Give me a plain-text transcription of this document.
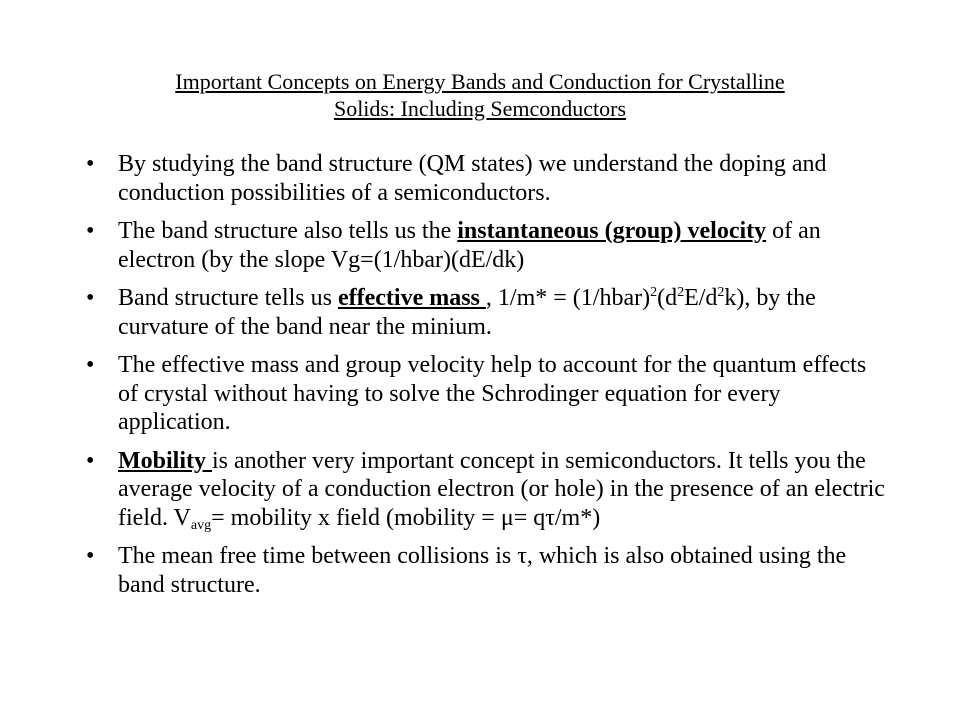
Important Concepts on Energy Bands and Conduction for Crystalline
Solids: Including Semconductors
• By studying the band structure (QM states) we understand the doping and conduction possibilities of a semiconductors.
• The band structure also tells us the instantaneous (group) velocity of an electron (by the slope Vg=(1/hbar)(dE/dk)
• Band structure tells us effective mass , $1/m* = (1/hbar)^2(d^2E/d^2k)$, by the curvature of the band near the minium.
• The effective mass and group velocity help to account for the quantum effects of crystal without having to solve the Schrodinger equation for every application.
• Mobility is another very important concept in semiconductors. It tells you the average velocity of a conduction electron (or hole) in the presence of an electric field. $V_{avg}=$ mobility x field (mobility = μ= qτ/m*)
• The mean free time between collisions is τ, which is also obtained using the band structure.
